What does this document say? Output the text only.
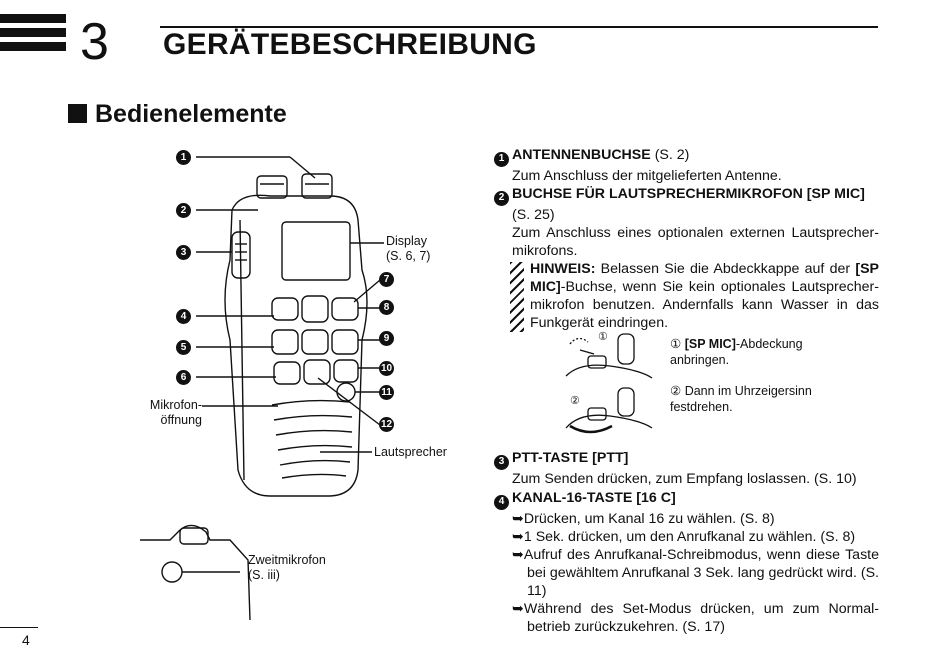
3 GERÄTEBESCHREIBUNG
Bedienelemente
1
2
3
4
5
6
7
8
9
10
11
12
Display
(S. 6, 7)
Mikrofon-
öffnung
Lautsprecher
Zweitmikrofon
(S. iii)
1 ANTENNENBUCHSE (S. 2)
Zum Anschluss der mitgelieferten Antenne.
2 BUCHSE FÜR LAUTSPRECHERMIKROFON [SP MIC]
(S. 25)
Zum Anschluss eines optionalen externen Lautsprecher-mikrofons.
HINWEIS: Belassen Sie die Abdeckkappe auf der [SP MIC]-Buchse, wenn Sie kein optionales Lautsprecher-mikrofon benutzen. Andernfalls kann Wasser in das Funkgerät eindringen.
①
②
① [SP MIC]-Abdeckung anbringen.
② Dann im Uhrzeigersinn festdrehen.
3 PTT-TASTE [PTT]
Zum Senden drücken, zum Empfang loslassen. (S. 10)
4 KANAL-16-TASTE [16 C]
➥Drücken, um Kanal 16 zu wählen. (S. 8)
➥1 Sek. drücken, um den Anrufkanal zu wählen. (S. 8)
➥Aufruf des Anrufkanal-Schreibmodus, wenn diese Taste bei gewähltem Anrufkanal 3 Sek. lang gedrückt wird. (S. 11)
➥Während des Set-Modus drücken, um zum Normal-betrieb zurückzukehren. (S. 17)
4
